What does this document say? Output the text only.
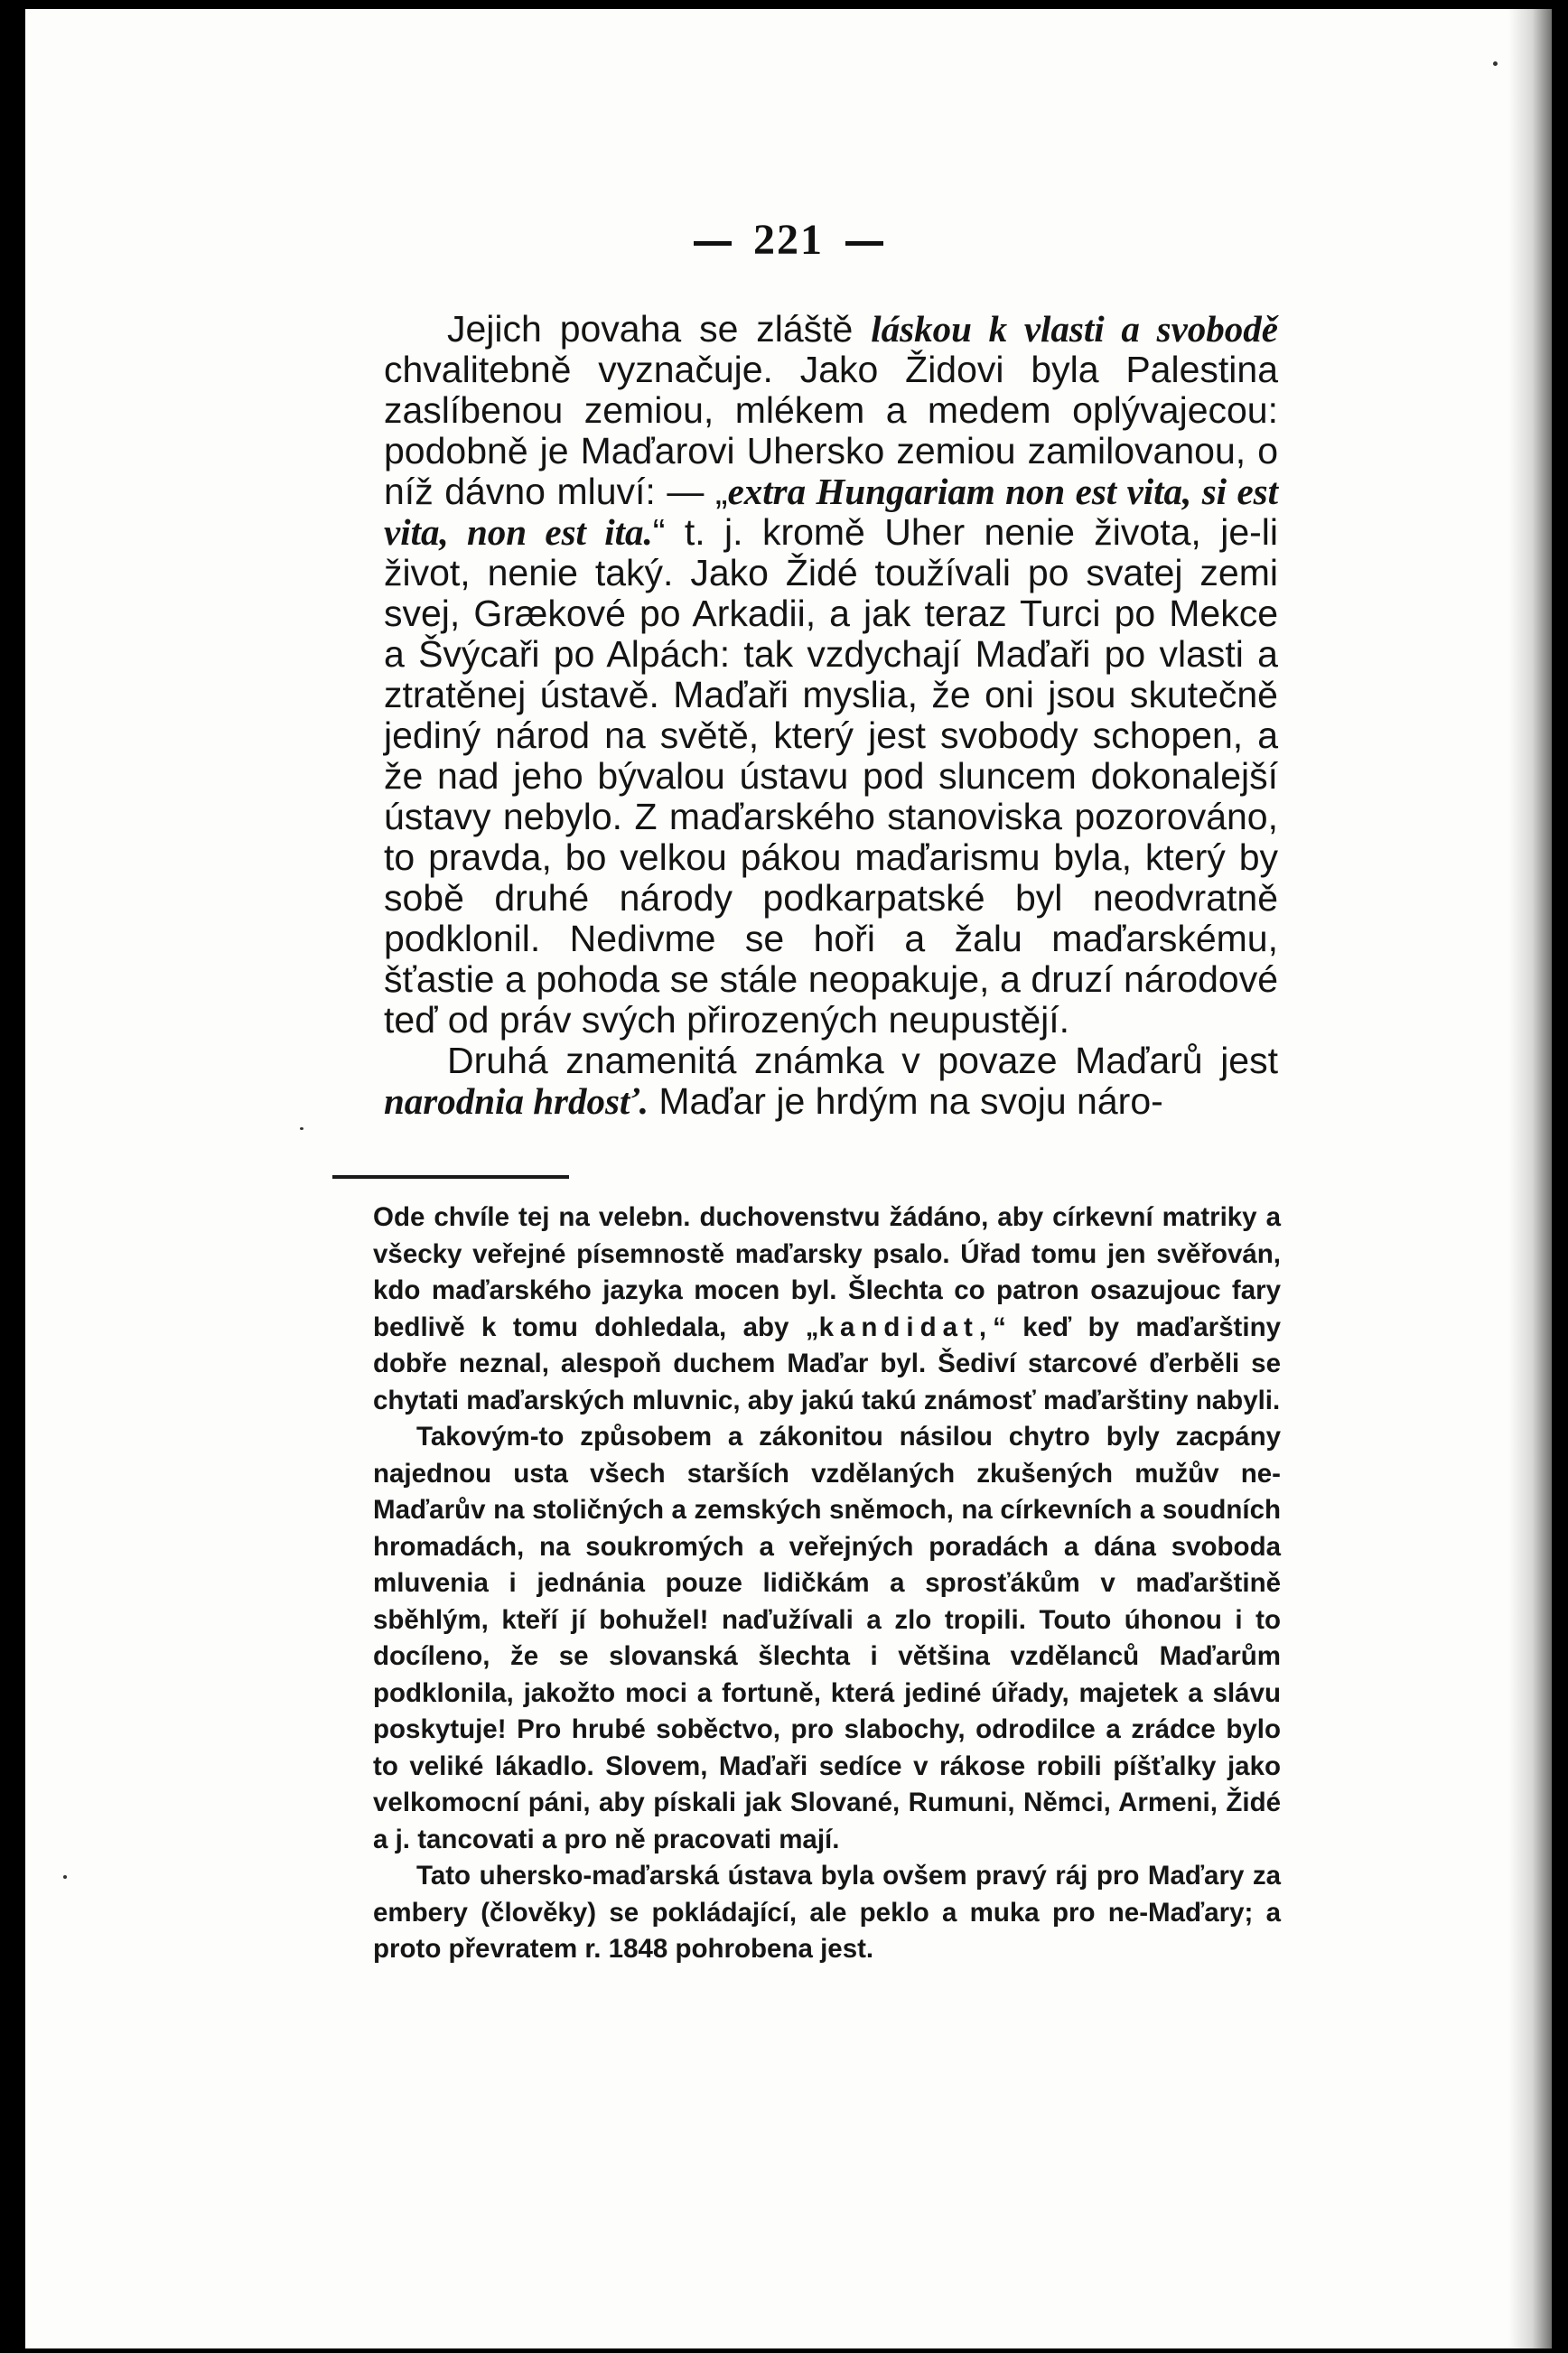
221

Jejich povaha se zláště láskou k vlasti a svobodě chvalitebně vyznačuje. Jako Židovi byla Palestina zaslíbenou zemiou, mlékem a medem oplývajecou: podobně je Maďarovi Uhersko zemiou zamilovanou, o níž dávno mluví: — „extra Hungariam non est vita, si est vita, non est ita.“ t. j. kromě Uher nenie života, je-li život, nenie taký. Jako Židé toužívali po svatej zemi svej, Grækové po Arkadii, a jak teraz Turci po Mekce a Švýcaři po Alpách: tak vzdychají Maďaři po vlasti a ztratěnej ústavě. Maďaři myslia, že oni jsou skutečně jediný národ na světě, který jest svobody schopen, a že nad jeho bývalou ústavu pod sluncem dokonalejší ústavy nebylo. Z maďarského stanoviska pozorováno, to pravda, bo velkou pákou maďarismu byla, který by sobě druhé národy podkarpatské byl neodvratně podklonil. Nedivme se hoři a žalu maďarskému, šťastie a pohoda se stále neopakuje, a druzí národové teď od práv svých přirozených neupustějí.

Druhá znamenitá známka v povaze Maďarů jest narodnia hrdosť. Maďar je hrdým na svoju náro-

Ode chvíle tej na velebn. duchovenstvu žádáno, aby církevní matriky a všecky veřejné písemnostě maďarsky psalo. Úřad tomu jen svěřován, kdo maďarského jazyka mocen byl. Šlechta co patron osazujouc fary bedlivě k tomu dohledala, aby „kandidat,“ keď by maďarštiny dobře neznal, alespoň duchem Maďar byl. Šediví starcové ďerběli se chytati maďarských mluvnic, aby jakú takú známosť maďarštiny nabyli.

Takovým-to způsobem a zákonitou násilou chytro byly zacpány najednou usta všech starších vzdělaných zkušených mužův ne-Maďarův na stoličných a zemských sněmoch, na církevních a soudních hromadách, na soukromých a veřejných poradách a dána svoboda mluvenia i jednánia pouze lidičkám a sprosťákům v maďarštině sběhlým, kteří jí bohužel! naďužívali a zlo tropili. Touto úhonou i to docíleno, že se slovanská šlechta i většina vzdělanců Maďarům podklonila, jakožto moci a fortuně, která jediné úřady, majetek a slávu poskytuje! Pro hrubé soběctvo, pro slabochy, odrodilce a zrádce bylo to veliké lákadlo. Slovem, Maďaři sedíce v rákose robili píšťalky jako velkomocní páni, aby pískali jak Slované, Rumuni, Němci, Armeni, Židé a j. tancovati a pro ně pracovati mají.

Tato uhersko-maďarská ústava byla ovšem pravý ráj pro Maďary za embery (člověky) se pokládající, ale peklo a muka pro ne-Maďary; a proto převratem r. 1848 pohrobena jest.
